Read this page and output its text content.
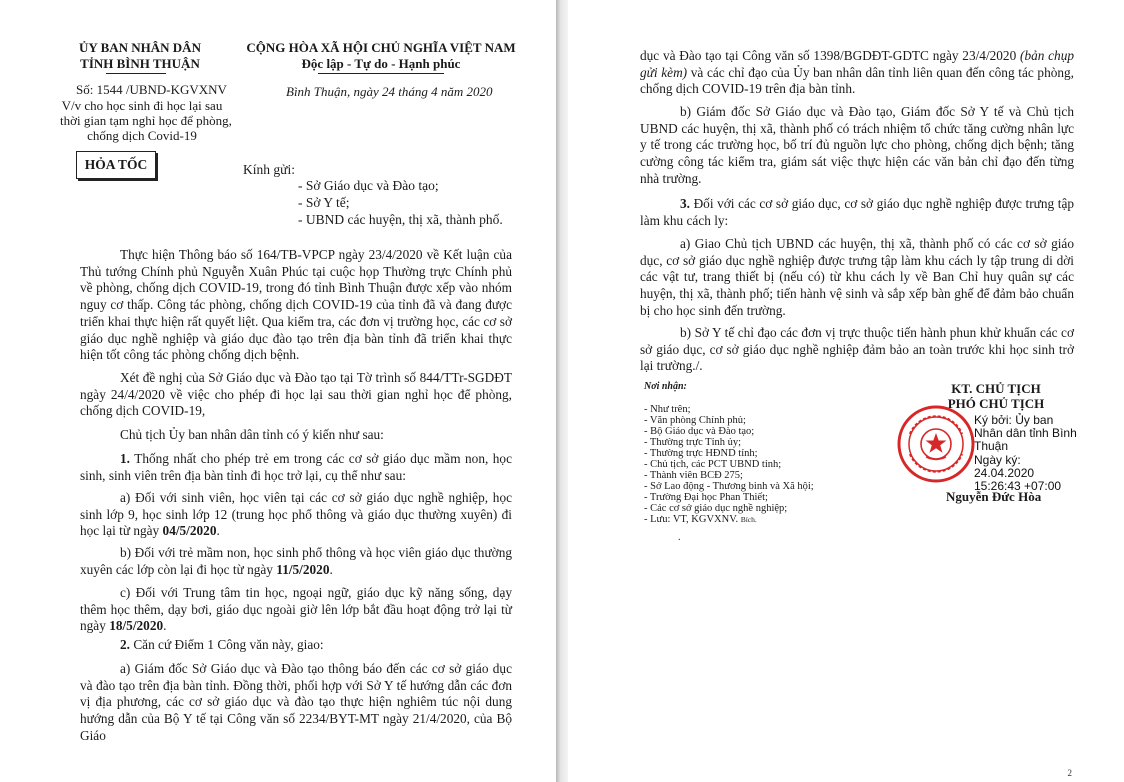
ỦY BAN NHÂN DÂN
TỈNH BÌNH THUẬN
CỘNG HÒA XÃ HỘI CHỦ NGHĨA VIỆT NAM
Độc lập - Tự do - Hạnh phúc
Số: 1544 /UBND-KGVXNV	Bình Thuận, ngày 24 tháng 4 năm 2020
V/v cho học sinh đi học lại sau
thời gian tạm nghỉ học để phòng,
chống dịch Covid-19
HỎA TỐC	Kính gửi:
- Sở Giáo dục và Đào tạo;
- Sở Y tế;
- UBND các huyện, thị xã, thành phố.
Thực hiện Thông báo số 164/TB-VPCP ngày 23/4/2020 về Kết luận của Thủ tướng Chính phủ Nguyễn Xuân Phúc tại cuộc họp Thường trực Chính phủ về phòng, chống dịch COVID-19, trong đó tỉnh Bình Thuận được xếp vào nhóm nguy cơ thấp. Công tác phòng, chống dịch COVID-19 của tỉnh đã và đang được triển khai thực hiện rất quyết liệt. Qua kiểm tra, các đơn vị trường học, các cơ sở giáo dục nghề nghiệp và giáo dục đào tạo trên địa bàn tỉnh đã triển khai thực hiện tốt công tác phòng chống dịch bệnh.
Xét đề nghị của Sở Giáo dục và Đào tạo tại Tờ trình số 844/TTr-SGDĐT ngày 24/4/2020 về việc cho phép đi học lại sau thời gian nghỉ học để phòng, chống dịch COVID-19,
Chủ tịch Ủy ban nhân dân tỉnh có ý kiến như sau:
1. Thống nhất cho phép trẻ em trong các cơ sở giáo dục mầm non, học sinh, sinh viên trên địa bàn tỉnh đi học trở lại, cụ thể như sau:
a) Đối với sinh viên, học viên tại các cơ sở giáo dục nghề nghiệp, học sinh lớp 9, học sinh lớp 12 (trung học phổ thông và giáo dục thường xuyên) đi học lại từ ngày 04/5/2020.
b) Đối với trẻ mầm non, học sinh phổ thông và học viên giáo dục thường xuyên các lớp còn lại đi học từ ngày 11/5/2020.
c) Đối với Trung tâm tin học, ngoại ngữ, giáo dục kỹ năng sống, dạy thêm học thêm, dạy bơi, giáo dục ngoài giờ lên lớp bắt đầu hoạt động trở lại từ ngày 18/5/2020.
2. Căn cứ Điểm 1 Công văn này, giao:
a) Giám đốc Sở Giáo dục và Đào tạo thông báo đến các cơ sở giáo dục và đào tạo trên địa bàn tỉnh. Đồng thời, phối hợp với Sở Y tế hướng dẫn các đơn vị địa phương, các cơ sở giáo dục và đào tạo thực hiện nghiêm túc nội dung hướng dẫn của Bộ Y tế tại Công văn số 2234/BYT-MT ngày 21/4/2020, của Bộ Giáo
dục và Đào tạo tại Công văn số 1398/BGDĐT-GDTC ngày 23/4/2020 (bản chụp gửi kèm) và các chỉ đạo của Ủy ban nhân dân tỉnh liên quan đến công tác phòng, chống dịch COVID-19 trên địa bàn tỉnh.
b) Giám đốc Sở Giáo dục và Đào tạo, Giám đốc Sở Y tế và Chủ tịch UBND các huyện, thị xã, thành phố có trách nhiệm tổ chức tăng cường nhân lực y tế trong các trường học, bố trí đủ nguồn lực cho phòng, chống dịch bệnh; tăng cường công tác kiểm tra, giám sát việc thực hiện các văn bản chỉ đạo đến từng nhà trường.
3. Đối với các cơ sở giáo dục, cơ sở giáo dục nghề nghiệp được trưng tập làm khu cách ly:
a) Giao Chủ tịch UBND các huyện, thị xã, thành phố có các cơ sở giáo dục, cơ sở giáo dục nghề nghiệp được trưng tập làm khu cách ly tập trung di dời các vật tư, trang thiết bị (nếu có) từ khu cách ly về Ban Chỉ huy quân sự các huyện, thị xã, thành phố; tiến hành vệ sinh và sắp xếp bàn ghế để đảm bảo chuẩn bị cho học sinh đến trường.
b) Sở Y tế chỉ đạo các đơn vị trực thuộc tiến hành phun khử khuẩn các cơ sở giáo dục, cơ sở giáo dục nghề nghiệp đảm bảo an toàn trước khi học sinh trở lại trường./.
Nơi nhận:
- Như trên;
- Văn phòng Chính phủ;
- Bộ Giáo dục và Đào tạo;
- Thường trực Tỉnh ủy;
- Thường trực HĐND tỉnh;
- Chủ tịch, các PCT UBND tỉnh;
- Thành viên BCĐ 275;
- Sở Lao động - Thương binh và Xã hội;
- Trường Đại học Phan Thiết;
- Các cơ sở giáo dục nghề nghiệp;
- Lưu: VT, KGVXNV. Bích.
.
KT. CHỦ TỊCH
PHÓ CHỦ TỊCH
Ký bởi: Ủy ban
Nhân dân tỉnh Bình
Thuận
Ngày ký:
24.04.2020
15:26:43 +07:00
Nguyễn Đức Hòa
2
